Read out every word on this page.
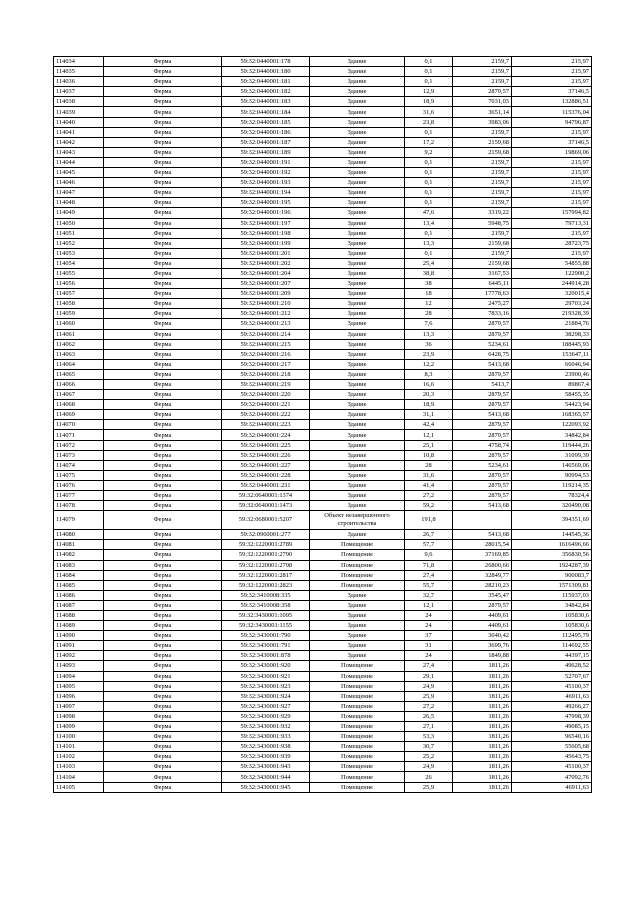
114034	Ферма	59:32:0440001:178	Здание	0,1	2159,7	215,97
114035	Ферма	59:32:0440001:180	Здание	0,1	2159,7	215,97
114036	Ферма	59:32:0440001:181	Здание	0,1	2159,7	215,97
114037	Ферма	59:32:0440001:182	Здание	12,9	2879,57	37146,5
114038	Ферма	59:32:0440001:183	Здание	18,9	7031,03	132886,51
114039	Ферма	59:32:0440001:184	Здание	31,6	3651,14	115376,04
114040	Ферма	59:32:0440001:185	Здание	23,8	3983,06	94796,87
114041	Ферма	59:32:0440001:186	Здание	0,1	2159,7	215,97
114042	Ферма	59:32:0440001:187	Здание	17,2	2159,68	37146,5
114043	Ферма	59:32:0440001:189	Здание	9,2	2159,68	19869,06
114044	Ферма	59:32:0440001:191	Здание	0,1	2159,7	215,97
114045	Ферма	59:32:0440001:192	Здание	0,1	2159,7	215,97
114046	Ферма	59:32:0440001:193	Здание	0,1	2159,7	215,97
114047	Ферма	59:32:0440001:194	Здание	0,1	2159,7	215,97
114048	Ферма	59:32:0440001:195	Здание	0,1	2159,7	215,97
114049	Ферма	59:32:0440001:196	Здание	47,6	3319,22	157994,82
114050	Ферма	59:32:0440001:197	Здание	13,4	5948,75	79713,31
114051	Ферма	59:32:0440001:198	Здание	0,1	2159,7	215,97
114052	Ферма	59:32:0440001:199	Здание	13,3	2159,68	28723,75
114053	Ферма	59:32:0440001:201	Здание	0,1	2159,7	215,97
114054	Ферма	59:32:0440001:202	Здание	25,4	2159,68	54855,88
114055	Ферма	59:32:0440001:204	Здание	38,8	3167,53	122900,2
114056	Ферма	59:32:0440001:207	Здание	38	6445,11	244914,28
114057	Ферма	59:32:0440001:209	Здание	18	17778,63	320015,4
114058	Ферма	59:32:0440001:210	Здание	12	2475,27	29703,24
114059	Ферма	59:32:0440001:212	Здание	28	7833,16	219328,39
114060	Ферма	59:32:0440001:213	Здание	7,6	2879,57	21884,76
114061	Ферма	59:32:0440001:214	Здание	13,3	2879,57	38298,33
114062	Ферма	59:32:0440001:215	Здание	36	5234,61	188445,93
114063	Ферма	59:32:0440001:216	Здание	23,9	6428,75	153647,11
114064	Ферма	59:32:0440001:217	Здание	12,2	5413,68	66046,94
114065	Ферма	59:32:0440001:218	Здание	8,3	2879,57	23900,46
114066	Ферма	59:32:0440001:219	Здание	16,6	5413,7	89867,4
114067	Ферма	59:32:0440001:220	Здание	20,3	2879,57	58455,35
114068	Ферма	59:32:0440001:221	Здание	18,9	2879,57	54423,94
114069	Ферма	59:32:0440001:222	Здание	31,1	5413,68	168365,57
114070	Ферма	59:32:0440001:223	Здание	42,4	2879,57	122093,92
114071	Ферма	59:32:0440001:224	Здание	12,1	2879,57	34842,84
114072	Ферма	59:32:0440001:225	Здание	25,1	4758,74	119444,26
114073	Ферма	59:32:0440001:226	Здание	10,8	2879,57	31099,39
114074	Ферма	59:32:0440001:227	Здание	28	5234,61	146569,06
114075	Ферма	59:32:0440001:228	Здание	31,6	2879,57	90994,53
114076	Ферма	59:32:0440001:231	Здание	41,4	2879,57	119214,35
114077	Ферма	59:32:0640001:1374	Здание	27,2	2879,57	78324,4
114078	Ферма	59:32:0640001:1473	Здание	59,2	5413,68	320490,08
114079	Ферма	59:32:0680001:5207	Объект незавершенного строительства	191,8		394351,69
114080	Ферма	59:32:0960001:277	Здание	26,7	5413,68	144545,36
114081	Ферма	59:32:1220001:2789	Помещение	57,7	28015,54	1616496,66
114082	Ферма	59:32:1220001:2790	Помещение	9,6	37169,85	356830,56
114083	Ферма	59:32:1220001:2798	Помещение	71,8	26800,66	1924287,39
114084	Ферма	59:32:1220001:2817	Помещение	27,4	32849,77	900083,7
114085	Ферма	59:32:1220001:2823	Помещение	55,7	28210,23	1571309,81
114086	Ферма	59:32:3410008:335	Здание	32,7	3545,47	115937,03
114087	Ферма	59:32:3410008:358	Здание	12,1	2879,57	34842,84
114088	Ферма	59:32:3430001:1095	Здание	24	4409,61	105830,6
114089	Ферма	59:32:3430001:1155	Здание	24	4409,61	105830,6
114090	Ферма	59:32:3430001:790	Здание	37	3040,42	112495,79
114091	Ферма	59:32:3430001:791	Здание	31	3699,76	114692,55
114092	Ферма	59:32:3430001:878	Здание	24	1849,88	44397,15
114093	Ферма	59:32:3430001:920	Помещение	27,4	1811,26	49628,52
114094	Ферма	59:32:3430001:921	Помещение	29,1	1811,26	52707,67
114095	Ферма	59:32:3430001:923	Помещение	24,9	1811,26	45100,37
114096	Ферма	59:32:3430001:924	Помещение	25,9	1811,26	46911,63
114097	Ферма	59:32:3430001:927	Помещение	27,2	1811,26	49266,27
114098	Ферма	59:32:3430001:929	Помещение	26,5	1811,26	47998,39
114099	Ферма	59:32:3430001:932	Помещение	27,1	1811,26	49085,15
114100	Ферма	59:32:3430001:933	Помещение	53,3	1811,26	96540,16
114101	Ферма	59:32:3430001:938	Помещение	30,7	1811,26	55605,68
114102	Ферма	59:32:3430001:939	Помещение	25,2	1811,26	45643,75
114103	Ферма	59:32:3430001:943	Помещение	24,9	1811,26	45100,37
114104	Ферма	59:32:3430001:944	Помещение	26	1811,26	47092,76
114105	Ферма	59:32:3430001:945	Помещение	25,9	1811,26	46911,63
